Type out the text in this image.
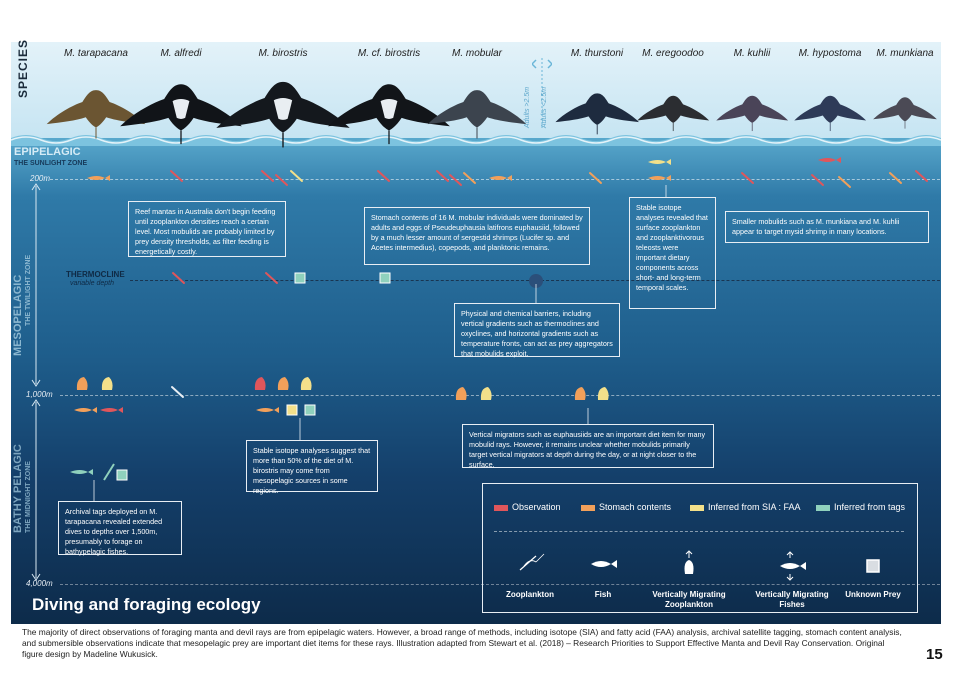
SPECIES	M. tarapacana	M. alfredi	M. birostris	M. cf. birostris	M. mobular	M. thurstoni M. eregoodoo	M. kuhlii	M. hypostoma M. munkiana
Adults >2.5m Adults <2.5m
EPIPELAGIC
THE SUNLIGHT ZONE
MESOPELAGIC THE TWILIGHT ZONE
BATHY PELAGIC THE MIDNIGHT ZONE
200m
1,000m
4,000m
THERMOCLINE
variable depth
Reef mantas in Australia don't begin feeding until zooplankton densities reach a certain level. Most mobulids are probably limited by prey density thresholds, as filter feeding is energetically costly.
Stomach contents of 16 M. mobular individuals were dominated by adults and eggs of Pseudeuphausia latifrons euphausiid, followed by a much lesser amount of sergestid shrimps (Lucifer sp. and Acetes intermedius), copepods, and planktonic remains.
Stable isotope analyses revealed that surface zooplankton and zooplanktivorous teleosts were important dietary components across short- and long-term temporal scales.
Smaller mobulids such as M. munkiana and M. kuhlii appear to target mysid shrimp in many locations.
Physical and chemical barriers, including vertical gradients such as thermoclines and oxyclines, and horizontal gradients such as temperature fronts, can act as prey aggregators that mobulids exploit.
Vertical migrators such as euphausiids are an important diet item for many mobulid rays. However, it remains unclear whether mobulids primarily target vertical migrators at depth during the day, or at night closer to the surface.
Stable isotope analyses suggest that more than 50% of the diet of M. birostris may come from mesopelagic sources in some regions.
Archival tags deployed on M. tarapacana revealed extended dives to depths over 1,500m, presumably to forage on bathypelagic fishes.
Observation	Stomach contents	Inferred from SIA : FAA	Inferred from tags
Zooplankton	Fish	Vertically Migrating Zooplankton
Vertically Migrating Fishes
Unknown Prey
Diving and foraging ecology
The majority of direct observations of foraging manta and devil rays are from epipelagic waters. However, a broad range of methods, including isotope (SIA) and fatty acid (FAA) analysis, archival satellite tagging, stomach content analysis, and submersible observations indicate that mesopelagic prey are important diet items for these rays. Illustration adapted from Stewart et al. (2018) – Research Priorities to Support Effective Manta and Devil Ray Conservation. Original figure design by Madeline Wukusick.	15
